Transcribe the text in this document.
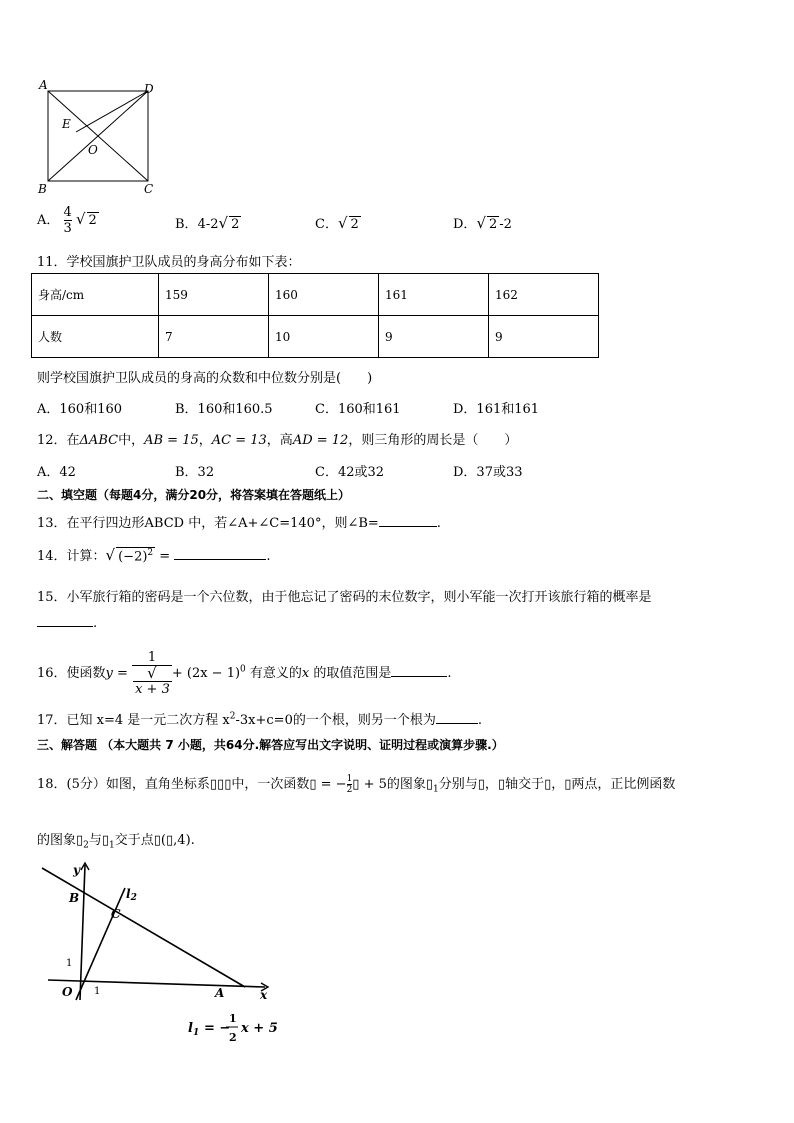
A	D
E
O
B	C
A． $\frac{4}{3}$ √ 2	B．4-2√ 2	C．√ 2	D．√ 2 -2
11．学校国旗护卫队成员的身高分布如下表：
身高/cm	159	160	161	162
人数	7	10	9	9
则学校国旗护卫队成员的身高的众数和中位数分别是(　　)
A．160和160	B．160和160.5	C．160和161	D．161和161
12．在ΔABC中，AB = 15，AC = 13，高AD = 12，则三角形的周长是（　　）
A．42	B．32	C．42或32	D．37或33
二、填空题（每题4分，满分20分，将答案填在答题纸上）
13．在平行四边形ABCD 中，若∠A+∠C=140°，则∠B=	.
14．计算：√ $(-2)^2$ =	.
15．小军旅行箱的密码是一个六位数，由于他忘记了密码的末位数字，则小军能一次打开该旅行箱的概率是
.
16．使函数y = 1
√
$x + 3 + (2x - 1)^0$ 有意义的x 的取值范围是	.
17．已知 x=4 是一元二次方程 $x^2-3x+c=0$的一个根，则另一个根为	.
三、解答题 （本大题共 7 小题，共64分.解答应写出文字说明、证明过程或演算步骤.）
18．(5分）如图，直角坐标系▯▯▯中，一次函数▯ = − $\frac{1}{2}$ ▯ + 5的图象$▯_1$分别与▯，▯轴交于▯，▯两点，正比例函数
的图象$▯_2$与$▯_1$交于点▯(▯,4).
y
x
l2
B
C
A
O
1
1
$l_1$ = −
1
2
x + 5
